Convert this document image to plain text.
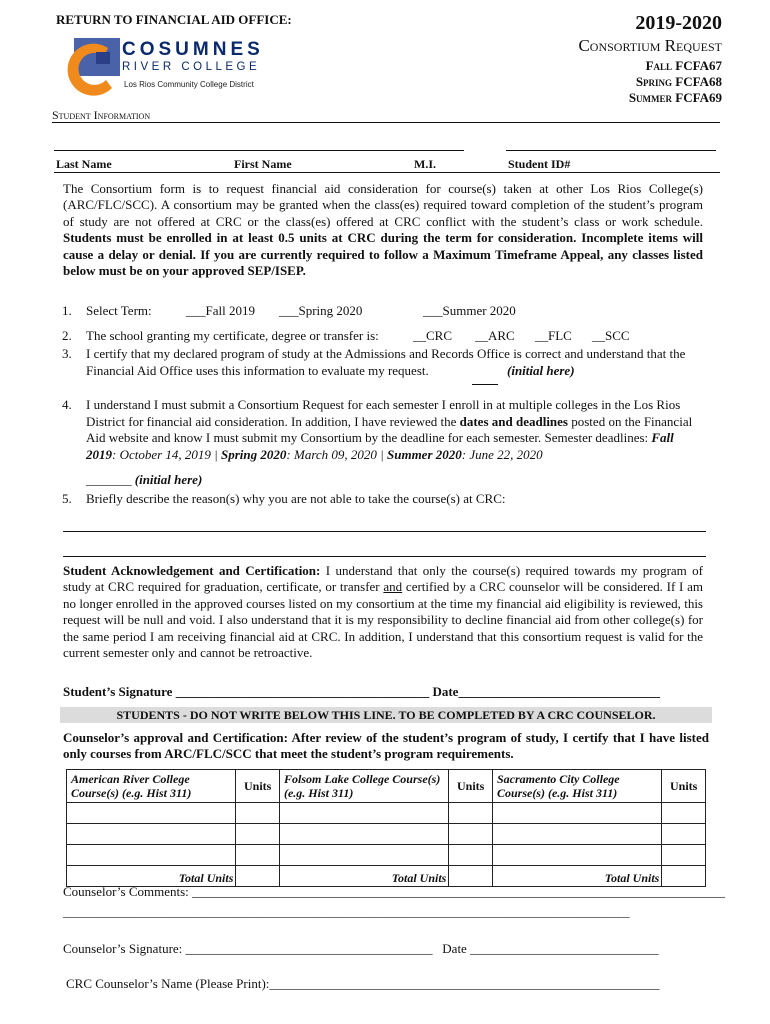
RETURN TO FINANCIAL AID OFFICE:	2019-2020
Consortium Request
Fall FCFA67
Spring FCFA68
Summer FCFA69
COSUMNES
RIVER COLLEGE
Los Rios Community College District
Student Information
Last Name	First Name	M.I.	Student ID#
The Consortium form is to request financial aid consideration for course(s) taken at other Los Rios College(s) (ARC/FLC/SCC). A consortium may be granted when the class(es) required toward completion of the student’s program of study are not offered at CRC or the class(es) offered at CRC conflict with the student’s class or work schedule. Students must be enrolled in at least 0.5 units at CRC during the term for consideration. Incomplete items will cause a delay or denial. If you are currently required to follow a Maximum Timeframe Appeal, any classes listed below must be on your approved SEP/ISEP.
1. Select Term:	___Fall 2019 ___Spring 2020	___Summer 2020
2. The school granting my certificate, degree or transfer is:	__CRC __ARC __FLC __SCC
3. I certify that my declared program of study at the Admissions and Records Office is correct and understand that the Financial Aid Office uses this information to evaluate my request.	(initial here)
4. I understand I must submit a Consortium Request for each semester I enroll in at multiple colleges in the Los Rios District for financial aid consideration. In addition, I have reviewed the dates and deadlines posted on the Financial Aid website and know I must submit my Consortium by the deadline for each semester. Semester deadlines: Fall 2019: October 14, 2019 | Spring 2020: March 09, 2020 | Summer 2020: June 22, 2020
_______ (initial here)
5. Briefly describe the reason(s) why you are not able to take the course(s) at CRC:
Student Acknowledgement and Certification: I understand that only the course(s) required towards my program of study at CRC required for graduation, certificate, or transfer and certified by a CRC counselor will be considered. If I am no longer enrolled in the approved courses listed on my consortium at the time my financial aid eligibility is reviewed, this request will be null and void. I also understand that it is my responsibility to decline financial aid from other college(s) for the same period I am receiving financial aid at CRC. In addition, I understand that this consortium request is valid for the current semester only and cannot be retroactive.
Student’s Signature _______________________________________ Date_______________________________
STUDENTS - DO NOT WRITE BELOW THIS LINE. TO BE COMPLETED BY A CRC COUNSELOR.
Counselor’s approval and Certification: After review of the student’s program of study, I certify that I have listed only courses from ARC/FLC/SCC that meet the student’s program requirements.
American River College Course(s) (e.g. Hist 311)	Units	Folsom Lake College Course(s) (e.g. Hist 311)	Units	Sacramento City College Course(s) (e.g. Hist 311)	Units

Total Units		Total Units		Total Units	
Counselor’s Comments: __________________________________________________________________________________
______________________________________________________________________________________________________
Counselor’s Signature: ______________________________________ Date _____________________________
CRC Counselor’s Name (Please Print):____________________________________________________________
